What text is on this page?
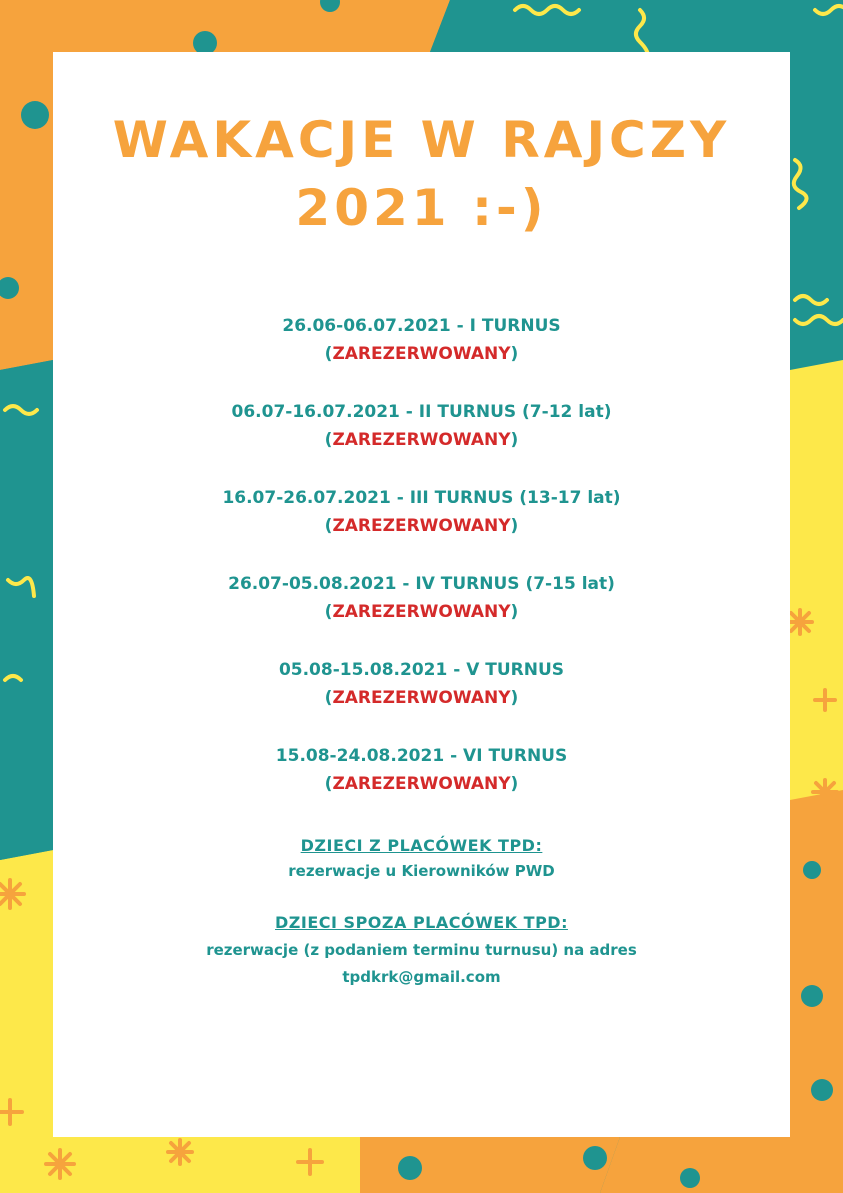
WAKACJE W RAJCZY
2021 :-)
26.06-06.07.2021 - I TURNUS
(ZAREZERWOWANY)
06.07-16.07.2021 - II TURNUS (7-12 lat)
(ZAREZERWOWANY)
16.07-26.07.2021 - III TURNUS (13-17 lat)
(ZAREZERWOWANY)
26.07-05.08.2021 - IV TURNUS (7-15 lat)
(ZAREZERWOWANY)
05.08-15.08.2021 - V TURNUS
(ZAREZERWOWANY)
15.08-24.08.2021 - VI TURNUS
(ZAREZERWOWANY)
DZIECI Z PLACÓWEK TPD:
rezerwacje u Kierowników PWD
DZIECI SPOZA PLACÓWEK TPD:
rezerwacje (z podaniem terminu turnusu) na adres
tpdkrk@gmail.com
